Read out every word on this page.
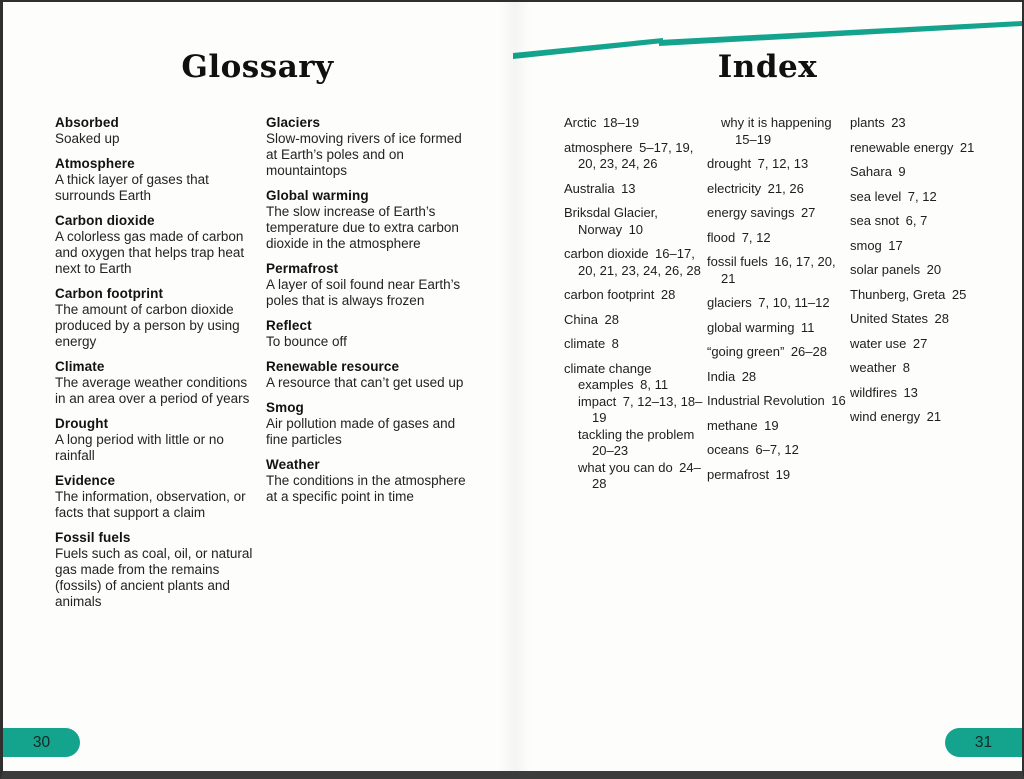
Glossary
Absorbed
Soaked up
Atmosphere
A thick layer of gases that surrounds Earth
Carbon dioxide
A colorless gas made of carbon and oxygen that helps trap heat next to Earth
Carbon footprint
The amount of carbon dioxide produced by a person by using energy
Climate
The average weather conditions in an area over a period of years
Drought
A long period with little or no rainfall
Evidence
The information, observation, or facts that support a claim
Fossil fuels
Fuels such as coal, oil, or natural gas made from the remains (fossils) of ancient plants and animals
Glaciers
Slow-moving rivers of ice formed at Earth’s poles and on mountaintops
Global warming
The slow increase of Earth’s temperature due to extra carbon dioxide in the atmosphere
Permafrost
A layer of soil found near Earth’s poles that is always frozen
Reflect
To bounce off
Renewable resource
A resource that can’t get used up
Smog
Air pollution made of gases and fine particles
Weather
The conditions in the atmosphere at a specific point in time
30
Index
Arctic 18–19
atmosphere 5–17, 19, 20, 23, 24, 26
Australia 13
Briksdal Glacier, Norway 10
carbon dioxide 16–17, 20, 21, 23, 24, 26, 28
carbon footprint 28
China 28
climate 8
climate change
examples 8, 11
impact 7, 12–13, 18–19
tackling the problem 20–23
what you can do 24–28
why it is happening 15–19
drought 7, 12, 13
electricity 21, 26
energy savings 27
flood 7, 12
fossil fuels 16, 17, 20, 21
glaciers 7, 10, 11–12
global warming 11
“going green” 26–28
India 28
Industrial Revolution 16
methane 19
oceans 6–7, 12
permafrost 19
plants 23
renewable energy 21
Sahara 9
sea level 7, 12
sea snot 6, 7
smog 17
solar panels 20
Thunberg, Greta 25
United States 28
water use 27
weather 8
wildfires 13
wind energy 21
31
